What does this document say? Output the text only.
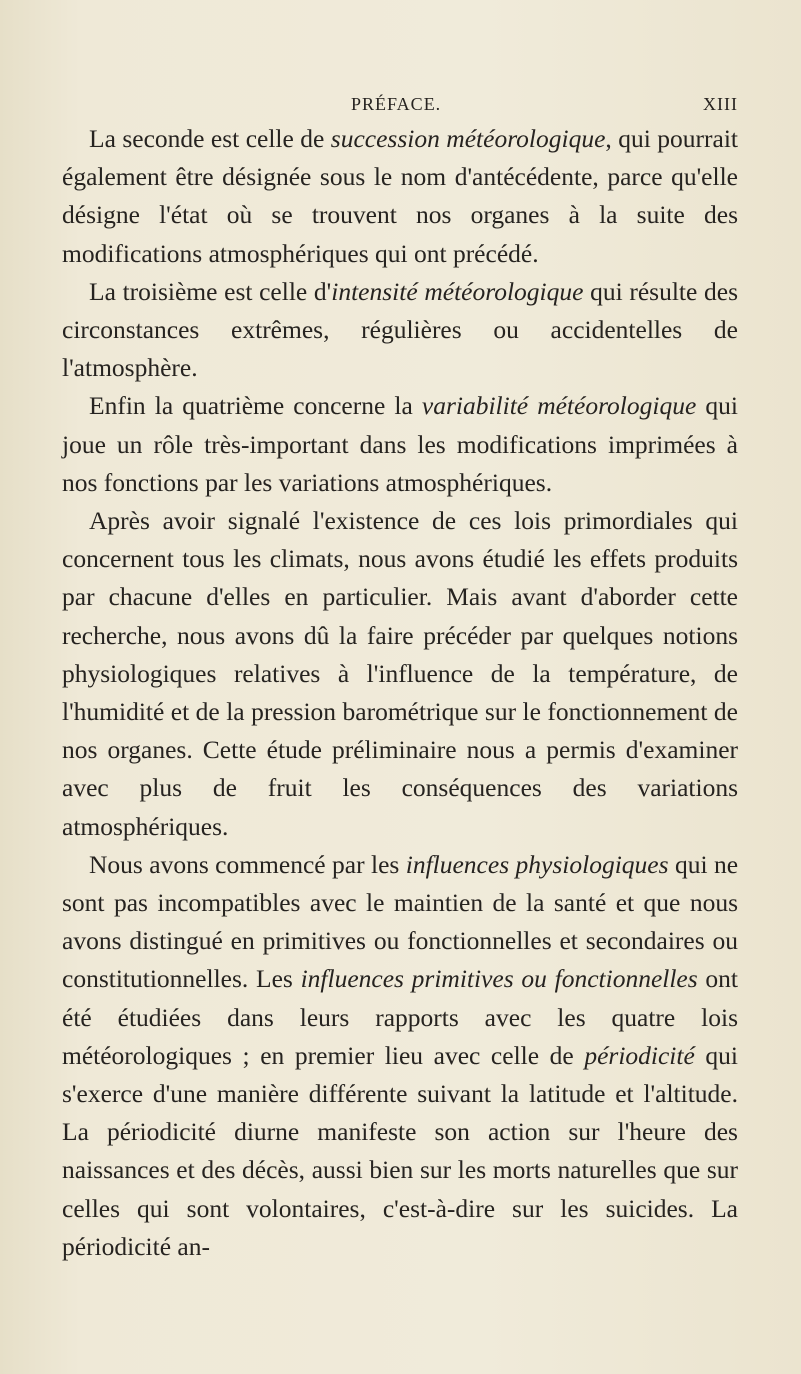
PRÉFACE.	XIII

La seconde est celle de succession météorologique, qui pourrait également être désignée sous le nom d'antécédente, parce qu'elle désigne l'état où se trouvent nos organes à la suite des modifications atmosphériques qui ont précédé.

La troisième est celle d'intensité météorologique qui résulte des circonstances extrêmes, régulières ou accidentelles de l'atmosphère.

Enfin la quatrième concerne la variabilité météorologique qui joue un rôle très-important dans les modifications imprimées à nos fonctions par les variations atmosphériques.

Après avoir signalé l'existence de ces lois primordiales qui concernent tous les climats, nous avons étudié les effets produits par chacune d'elles en particulier. Mais avant d'aborder cette recherche, nous avons dû la faire précéder par quelques notions physiologiques relatives à l'influence de la température, de l'humidité et de la pression barométrique sur le fonctionnement de nos organes. Cette étude préliminaire nous a permis d'examiner avec plus de fruit les conséquences des variations atmosphériques.

Nous avons commencé par les influences physiologiques qui ne sont pas incompatibles avec le maintien de la santé et que nous avons distingué en primitives ou fonctionnelles et secondaires ou constitutionnelles. Les influences primitives ou fonctionnelles ont été étudiées dans leurs rapports avec les quatre lois météorologiques ; en premier lieu avec celle de périodicité qui s'exerce d'une manière différente suivant la latitude et l'altitude. La périodicité diurne manifeste son action sur l'heure des naissances et des décès, aussi bien sur les morts naturelles que sur celles qui sont volontaires, c'est-à-dire sur les suicides. La périodicité an-
